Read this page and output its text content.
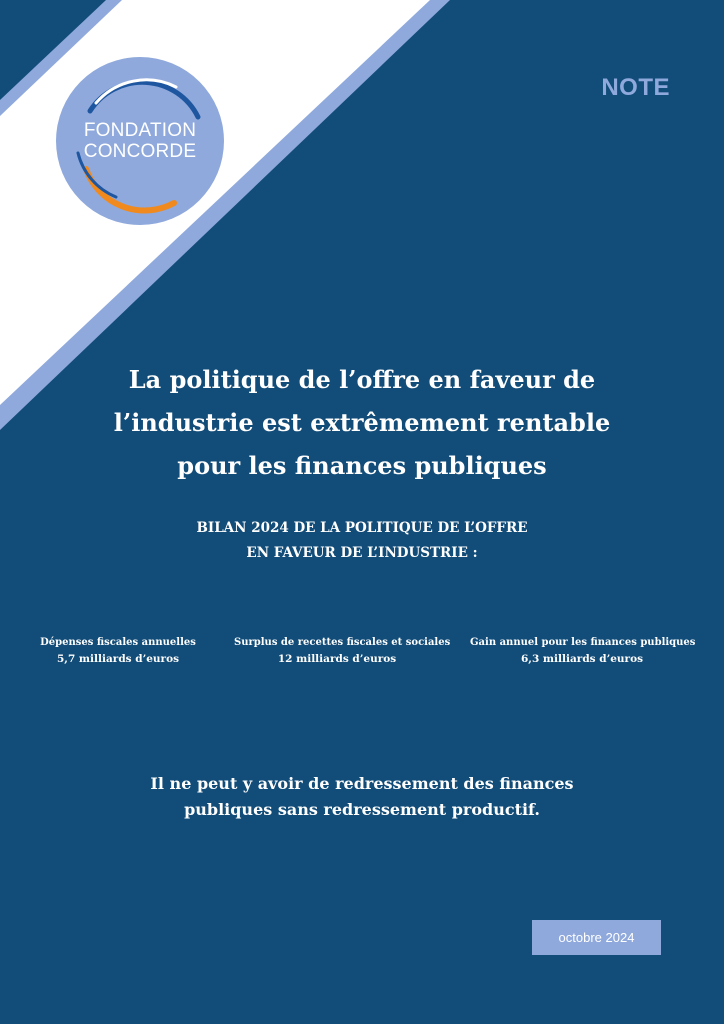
FONDATION
CONCORDE
NOTE
La politique de l’offre en faveur de
l’industrie est extrêmement rentable
pour les finances publiques
BILAN 2024 DE LA POLITIQUE DE L’OFFRE
EN FAVEUR DE L’INDUSTRIE :
Dépenses fiscales annuelles
5,7 milliards d’euros
Surplus de recettes fiscales et sociales
12 milliards d’euros
Gain annuel pour les finances publiques
6,3 milliards d’euros
Il ne peut y avoir de redressement des finances
publiques sans redressement productif.
octobre 2024
